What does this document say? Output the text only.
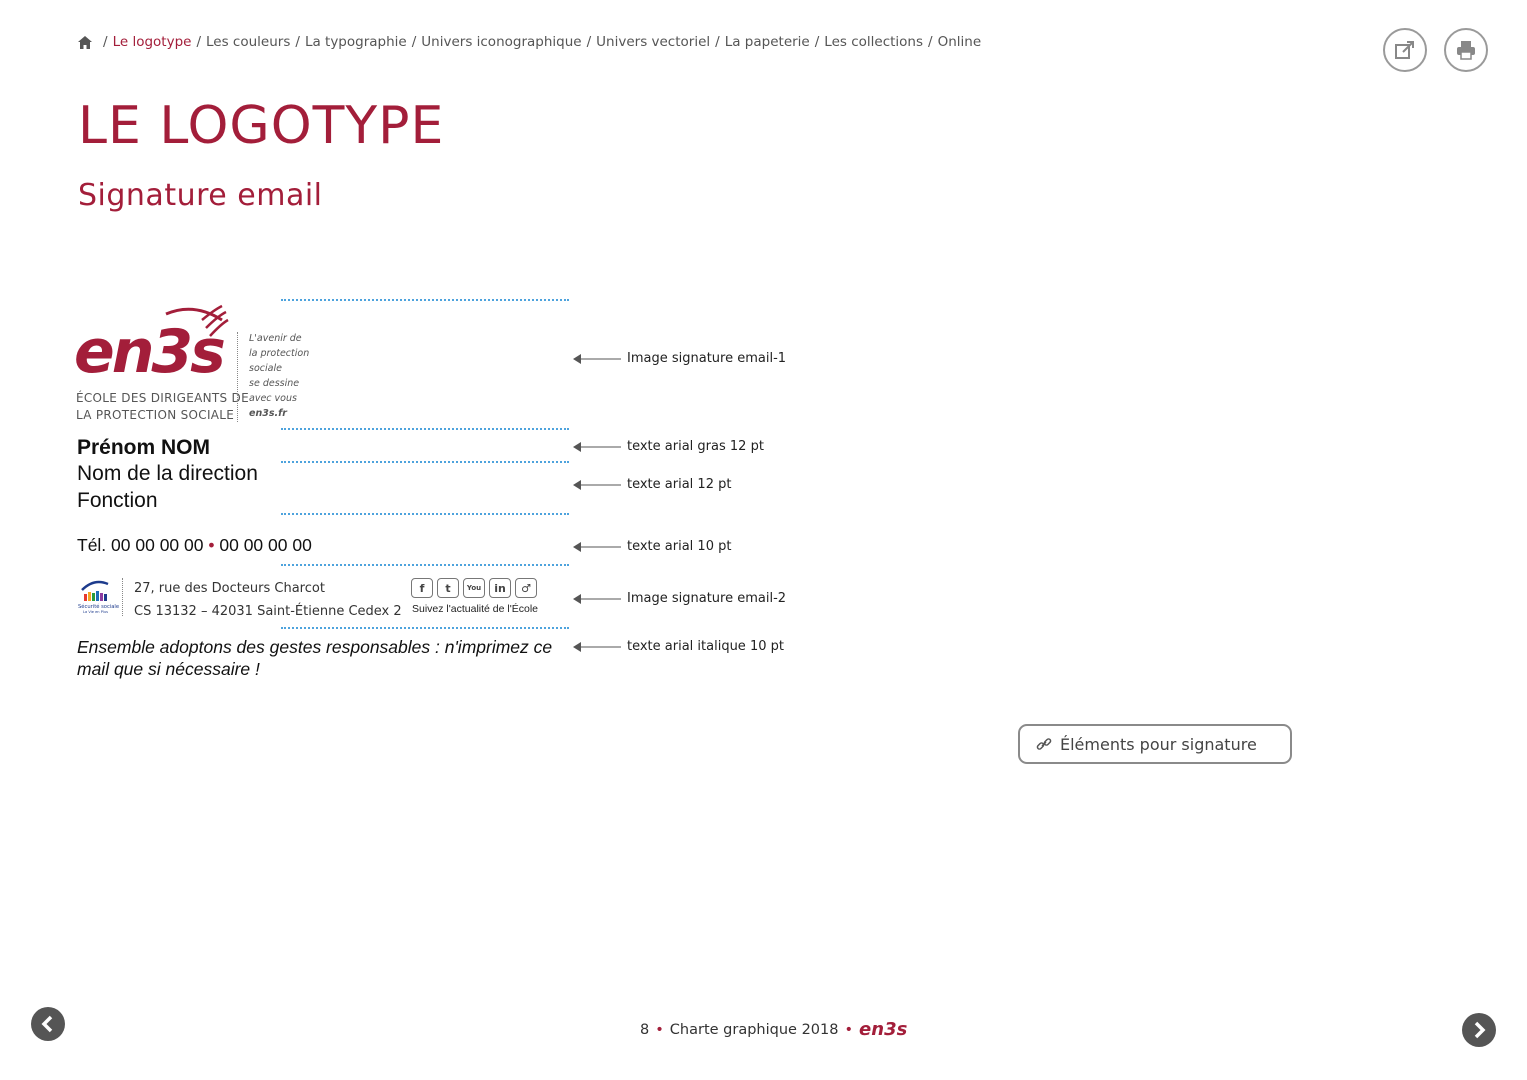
/ Le logotype / Les couleurs / La typographie / Univers iconographique / Univers vectoriel / La papeterie / Les collections / Online
LE LOGOTYPE
Signature email
en3s
ÉCOLE DES DIRIGEANTS DE
LA PROTECTION SOCIALE
L'avenir de
la protection
sociale
se dessine
avec vous
en3s.fr
Prénom NOM
Nom de la direction
Fonction
Tél. 00 00 00 00 • 00 00 00 00
Sécurité sociale
La Vie en Plus
27, rue des Docteurs Charcot
CS 13132 – 42031 Saint-Étienne Cedex 2
f	t	You	in	♂
Suivez l'actualité de l'École
Ensemble adoptons des gestes responsables : n'imprimez ce mail que si nécessaire !
Image signature email-1
texte arial gras 12 pt
texte arial 12 pt
texte arial 10 pt
Image signature email-2
texte arial italique 10 pt
Éléments pour signature
8 • Charte graphique 2018 • en3s
